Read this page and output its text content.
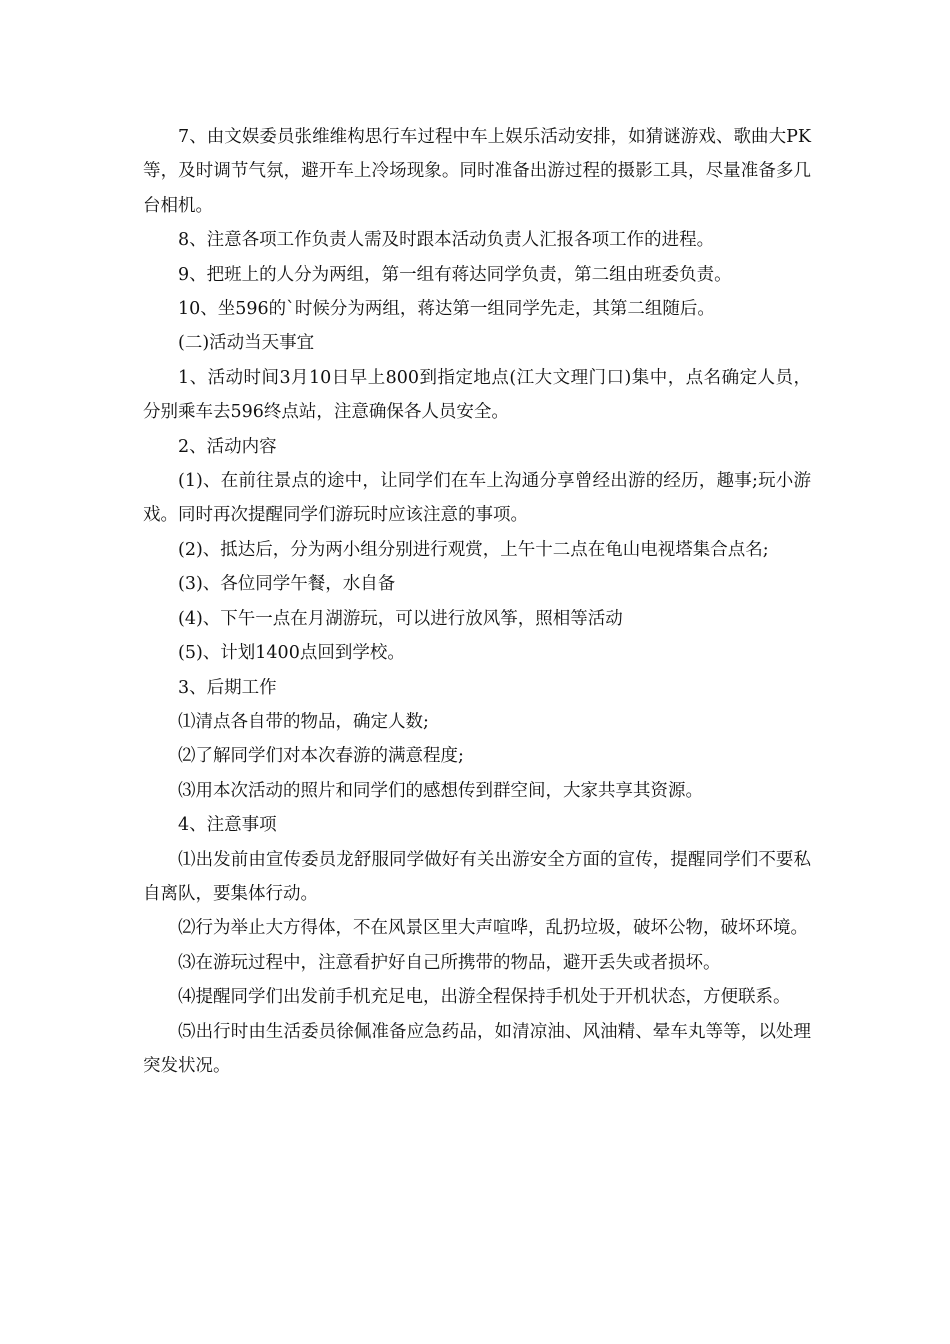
7、由文娱委员张维维构思行车过程中车上娱乐活动安排，如猜谜游戏、歌曲大PK等，及时调节气氛，避开车上冷场现象。同时准备出游过程的摄影工具，尽量准备多几台相机。

8、注意各项工作负责人需及时跟本活动负责人汇报各项工作的进程。

9、把班上的人分为两组，第一组有蒋达同学负责，第二组由班委负责。

10、坐596的`时候分为两组，蒋达第一组同学先走，其第二组随后。

(二)活动当天事宜

1、活动时间3月10日早上800到指定地点(江大文理门口)集中，点名确定人员，分别乘车去596终点站，注意确保各人员安全。

2、活动内容

(1)、在前往景点的途中，让同学们在车上沟通分享曾经出游的经历，趣事;玩小游戏。同时再次提醒同学们游玩时应该注意的事项。

(2)、抵达后，分为两小组分别进行观赏，上午十二点在龟山电视塔集合点名;

(3)、各位同学午餐，水自备

(4)、下午一点在月湖游玩，可以进行放风筝，照相等活动

(5)、计划1400点回到学校。

3、后期工作

⑴清点各自带的物品，确定人数;

⑵了解同学们对本次春游的满意程度;

⑶用本次活动的照片和同学们的感想传到群空间，大家共享其资源。

4、注意事项

⑴出发前由宣传委员龙舒服同学做好有关出游安全方面的宣传，提醒同学们不要私自离队，要集体行动。

⑵行为举止大方得体，不在风景区里大声喧哗，乱扔垃圾，破坏公物，破坏环境。

⑶在游玩过程中，注意看护好自己所携带的物品，避开丢失或者损坏。

⑷提醒同学们出发前手机充足电，出游全程保持手机处于开机状态，方便联系。

⑸出行时由生活委员徐佩准备应急药品，如清凉油、风油精、晕车丸等等，以处理突发状况。
